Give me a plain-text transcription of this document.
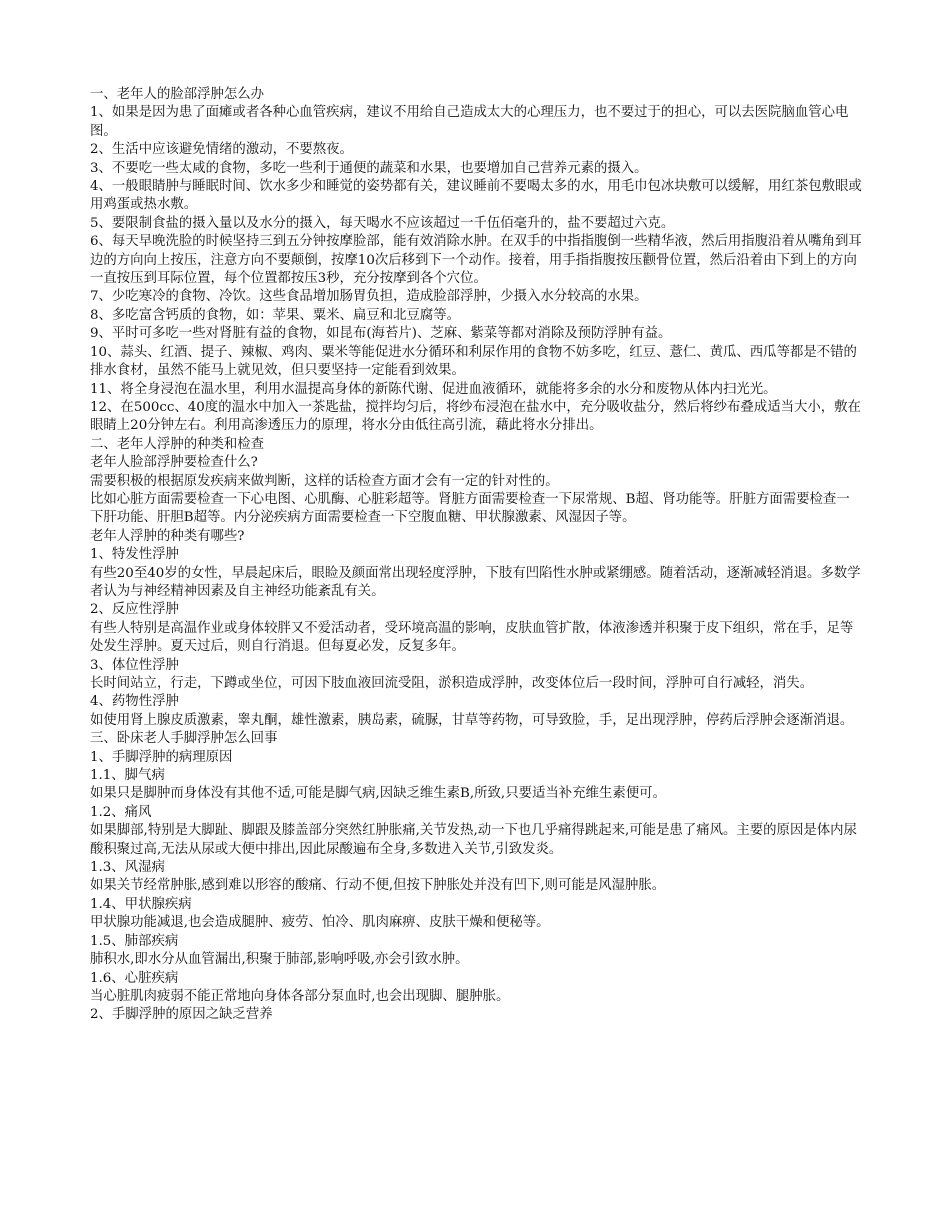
一、老年人的脸部浮肿怎么办

1、如果是因为患了面瘫或者各种心血管疾病，建议不用给自己造成太大的心理压力，也不要过于的担心，可以去医院脑血管心电图。

2、生活中应该避免情绪的激动，不要熬夜。

3、不要吃一些太咸的食物，多吃一些利于通便的蔬菜和水果，也要增加自己营养元素的摄入。

4、一般眼睛肿与睡眠时间、饮水多少和睡觉的姿势都有关，建议睡前不要喝太多的水，用毛巾包冰块敷可以缓解，用红茶包敷眼或用鸡蛋或热水敷。

5、要限制食盐的摄入量以及水分的摄入，每天喝水不应该超过一千伍佰毫升的，盐不要超过六克。

6、每天早晚洗脸的时候坚持三到五分钟按摩脸部，能有效消除水肿。在双手的中指指腹倒一些精华液，然后用指腹沿着从嘴角到耳边的方向向上按压，注意方向不要颠倒，按摩10次后移到下一个动作。接着，用手指指腹按压颧骨位置，然后沿着由下到上的方向一直按压到耳际位置，每个位置都按压3秒，充分按摩到各个穴位。

7、少吃寒冷的食物、冷饮。这些食品增加肠胃负担，造成脸部浮肿，少摄入水分较高的水果。

8、多吃富含钙质的食物，如：苹果、粟米、扁豆和北豆腐等。

9、平时可多吃一些对肾脏有益的食物，如昆布(海苔片)、芝麻、紫菜等都对消除及预防浮肿有益。

10、蒜头、红酒、提子、辣椒、鸡肉、粟米等能促进水分循环和利尿作用的食物不妨多吃，红豆、薏仁、黄瓜、西瓜等都是不错的排水食材，虽然不能马上就见效，但只要坚持一定能看到效果。

11、将全身浸泡在温水里，利用水温提高身体的新陈代谢、促进血液循环，就能将多余的水分和废物从体内扫光光。

12、在500cc、40度的温水中加入一茶匙盐，搅拌均匀后，将纱布浸泡在盐水中，充分吸收盐分，然后将纱布叠成适当大小，敷在眼睛上20分钟左右。利用高渗透压力的原理，将水分由低往高引流，藉此将水分排出。

二、老年人浮肿的种类和检查

老年人脸部浮肿要检查什么?

需要积极的根据原发疾病来做判断，这样的话检查方面才会有一定的针对性的。

比如心脏方面需要检查一下心电图、心肌酶、心脏彩超等。肾脏方面需要检查一下尿常规、B超、肾功能等。肝脏方面需要检查一下肝功能、肝胆B超等。内分泌疾病方面需要检查一下空腹血糖、甲状腺激素、风湿因子等。

老年人浮肿的种类有哪些?

1、特发性浮肿

有些20至40岁的女性，早晨起床后，眼睑及颜面常出现轻度浮肿，下肢有凹陷性水肿或紧绷感。随着活动，逐渐减轻消退。多数学者认为与神经精神因素及自主神经功能紊乱有关。

2、反应性浮肿

有些人特别是高温作业或身体较胖又不爱活动者，受环境高温的影响，皮肤血管扩散，体液渗透并积聚于皮下组织，常在手，足等处发生浮肿。夏天过后，则自行消退。但每夏必发，反复多年。

3、体位性浮肿

长时间站立，行走，下蹲或坐位，可因下肢血液回流受阻，淤积造成浮肿，改变体位后一段时间，浮肿可自行减轻，消失。

4、药物性浮肿

如使用肾上腺皮质激素，睾丸酮，雄性激素，胰岛素，硫脲，甘草等药物，可导致脸，手，足出现浮肿，停药后浮肿会逐渐消退。

三、卧床老人手脚浮肿怎么回事

1、手脚浮肿的病理原因

1.1、脚气病

如果只是脚肿而身体没有其他不适,可能是脚气病,因缺乏维生素B,所致,只要适当补充维生素便可。

1.2、痛风

如果脚部,特别是大脚趾、脚跟及膝盖部分突然红肿胀痛,关节发热,动一下也几乎痛得跳起来,可能是患了痛风。主要的原因是体内尿酸积聚过高,无法从尿或大便中排出,因此尿酸遍布全身,多数进入关节,引致发炎。

1.3、风湿病

如果关节经常肿胀,感到难以形容的酸痛、行动不便,但按下肿胀处并没有凹下,则可能是风湿肿胀。

1.4、甲状腺疾病

甲状腺功能减退,也会造成腿肿、疲劳、怕冷、肌肉麻痹、皮肤干燥和便秘等。

1.5、肺部疾病

肺积水,即水分从血管漏出,积聚于肺部,影响呼吸,亦会引致水肿。

1.6、心脏疾病

当心脏肌肉疲弱不能正常地向身体各部分泵血时,也会出现脚、腿肿胀。

2、手脚浮肿的原因之缺乏营养
